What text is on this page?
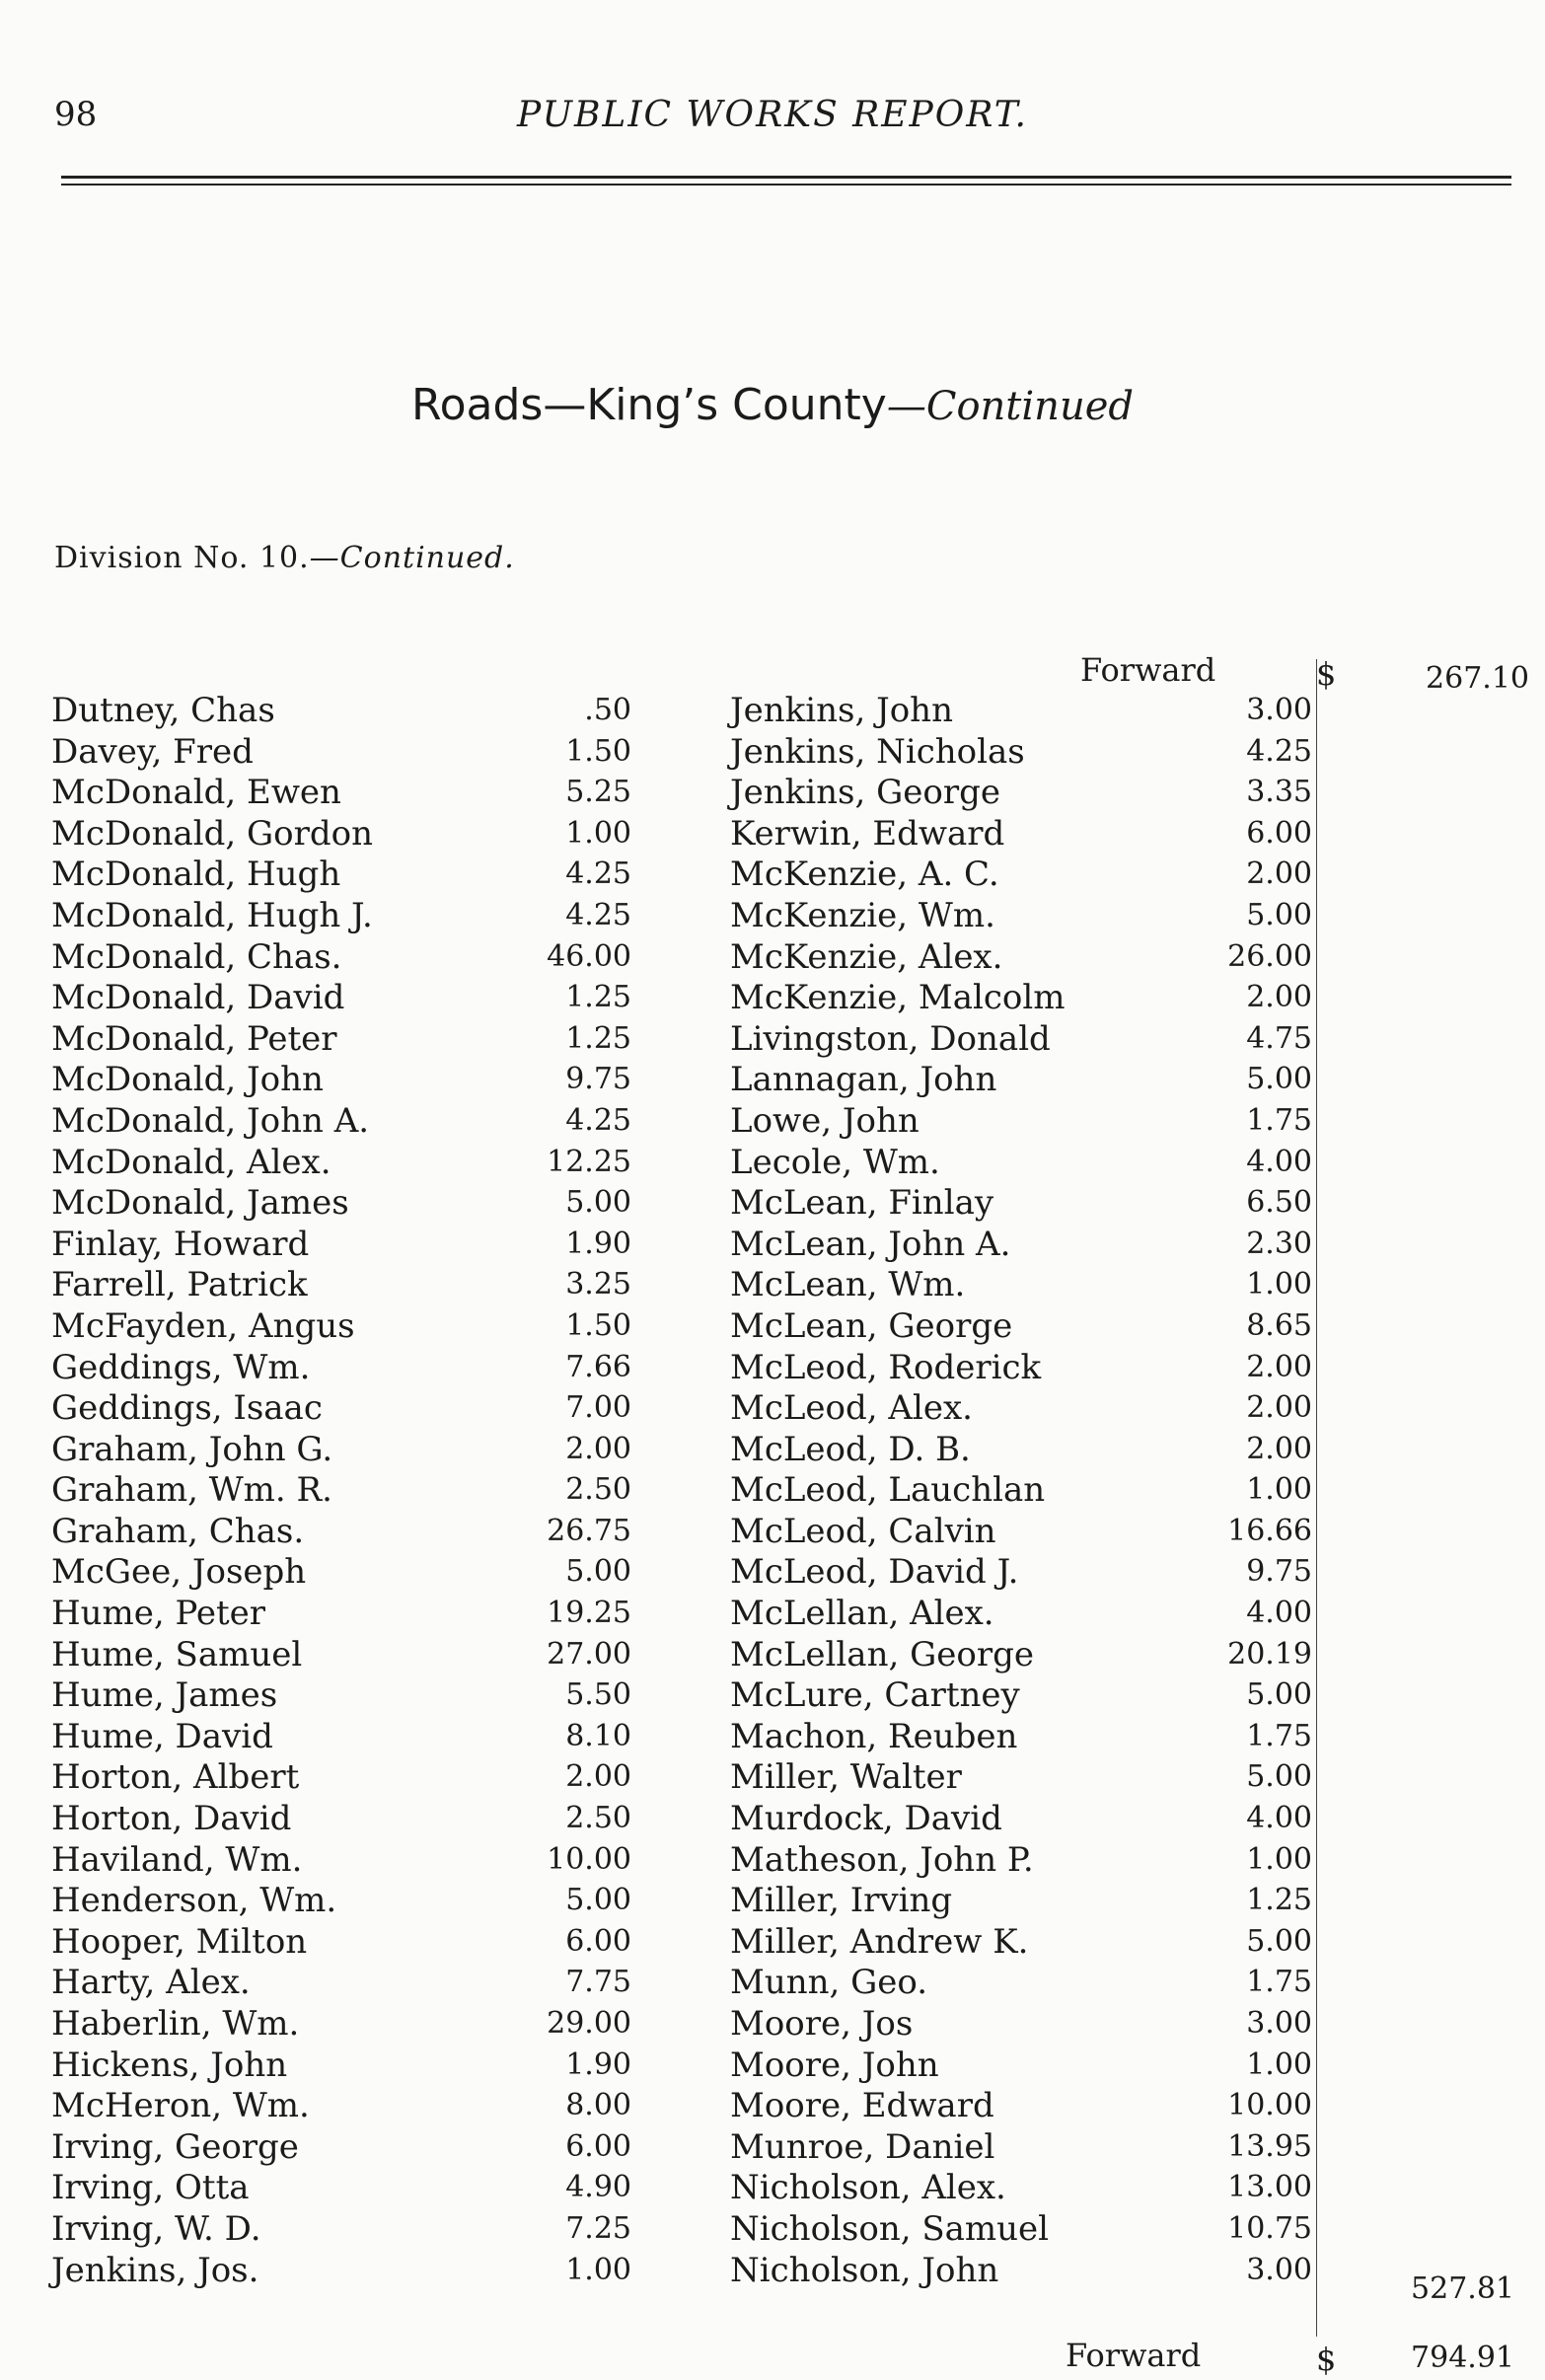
98	PUBLIC WORKS REPORT.
Roads—King’s County—Continued
Division No. 10.—Continued.
Forward	$	267.10
Dutney, Chas	.50
Davey, Fred	1.50
McDonald, Ewen	5.25
McDonald, Gordon	1.00
McDonald, Hugh	4.25
McDonald, Hugh J.	4.25
McDonald, Chas.	46.00
McDonald, David	1.25
McDonald, Peter	1.25
McDonald, John	9.75
McDonald, John A.	4.25
McDonald, Alex.	12.25
McDonald, James	5.00
Finlay, Howard	1.90
Farrell, Patrick	3.25
McFayden, Angus	1.50
Geddings, Wm.	7.66
Geddings, Isaac	7.00
Graham, John G.	2.00
Graham, Wm. R.	2.50
Graham, Chas.	26.75
McGee, Joseph	5.00
Hume, Peter	19.25
Hume, Samuel	27.00
Hume, James	5.50
Hume, David	8.10
Horton, Albert	2.00
Horton, David	2.50
Haviland, Wm.	10.00
Henderson, Wm.	5.00
Hooper, Milton	6.00
Harty, Alex.	7.75
Haberlin, Wm.	29.00
Hickens, John	1.90
McHeron, Wm.	8.00
Irving, George	6.00
Irving, Otta	4.90
Irving, W. D.	7.25
Jenkins, Jos.	1.00
Jenkins, John	3.00
Jenkins, Nicholas	4.25
Jenkins, George	3.35
Kerwin, Edward	6.00
McKenzie, A. C.	2.00
McKenzie, Wm.	5.00
McKenzie, Alex.	26.00
McKenzie, Malcolm	2.00
Livingston, Donald	4.75
Lannagan, John	5.00
Lowe, John	1.75
Lecole, Wm.	4.00
McLean, Finlay	6.50
McLean, John A.	2.30
McLean, Wm.	1.00
McLean, George	8.65
McLeod, Roderick	2.00
McLeod, Alex.	2.00
McLeod, D. B.	2.00
McLeod, Lauchlan	1.00
McLeod, Calvin	16.66
McLeod, David J.	9.75
McLellan, Alex.	4.00
McLellan, George	20.19
McLure, Cartney	5.00
Machon, Reuben	1.75
Miller, Walter	5.00
Murdock, David	4.00
Matheson, John P.	1.00
Miller, Irving	1.25
Miller, Andrew K.	5.00
Munn, Geo.	1.75
Moore, Jos	3.00
Moore, John	1.00
Moore, Edward	10.00
Munroe, Daniel	13.95
Nicholson, Alex.	13.00
Nicholson, Samuel	10.75
Nicholson, John	3.00
527.81
Forward	$	794.91
